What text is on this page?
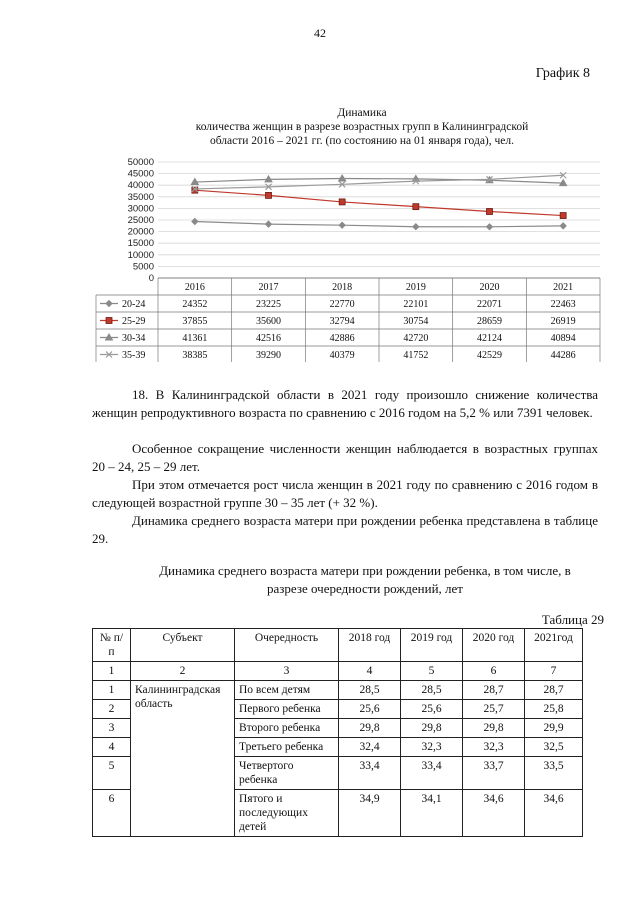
42
График 8
Динамика
количества женщин в разрезе возрастных групп в Калининградской
области 2016 – 2021 гг. (по состоянию на 01 января года), чел.
0
5000
10000
15000
20000
25000
30000
35000
40000
45000
50000
2016	2017	2018	2019	2020	2021
20-24	24352	23225	22770	22101	22071	22463
25-29	37855	35600	32794	30754	28659	26919
30-34	41361	42516	42886	42720	42124	40894
35-39	38385	39290	40379	41752	42529	44286
18. В Калининградской области в 2021 году произошло снижение количества женщин репродуктивного возраста по сравнению с 2016 годом на 5,2 % или 7391 человек.
Особенное сокращение численности женщин наблюдается в возрастных группах 20 – 24, 25 – 29 лет.
При этом отмечается рост числа женщин в 2021 году по сравнению с 2016 годом в следующей возрастной группе 30 – 35 лет (+ 32 %).
Динамика среднего возраста матери при рождении ребенка представлена в таблице 29.
Динамика среднего возраста матери при рождении ребенка, в том числе, в разрезе очередности рождений, лет
Таблица 29
№ п/п	Субъект	Очередность	2018 год	2019 год	2020 год	2021год
1	2	3	4	5	6	7
1	Калининградская область	По всем детям	28,5	28,5	28,7	28,7
2		Первого ребенка	25,6	25,6	25,7	25,8
3		Второго ребенка	29,8	29,8	29,8	29,9
4		Третьего ребенка	32,4	32,3	32,3	32,5
5		Четвертого ребенка	33,4	33,4	33,7	33,5
6		Пятого и последующих детей	34,9	34,1	34,6	34,6
